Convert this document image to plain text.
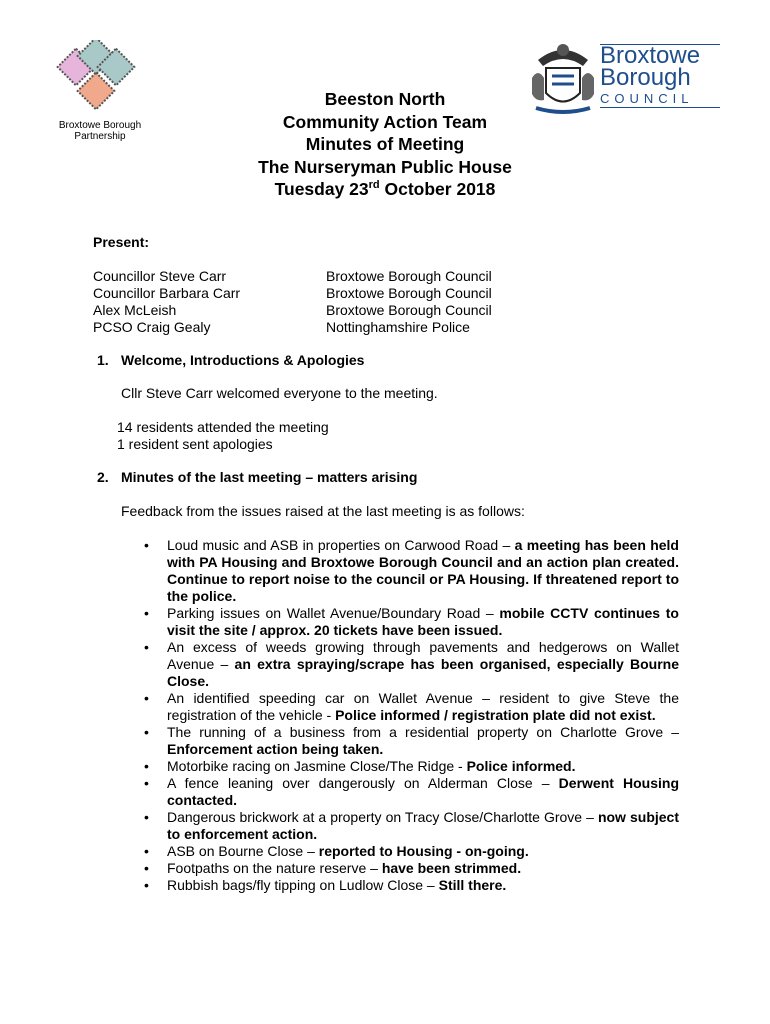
Broxtowe Borough
Partnership
Broxtowe
Borough
COUNCIL
Beeston North
Community Action Team
Minutes of Meeting
The Nurseryman Public House
Tuesday 23rd October 2018
Present:
Councillor Steve Carr	Broxtowe Borough Council
Councillor Barbara Carr	Broxtowe Borough Council
Alex McLeish	Broxtowe Borough Council
PCSO Craig Gealy	Nottinghamshire Police
1. Welcome, Introductions & Apologies
Cllr Steve Carr welcomed everyone to the meeting.
14 residents attended the meeting
1 resident sent apologies
2. Minutes of the last meeting – matters arising
Feedback from the issues raised at the last meeting is as follows:
• Loud music and ASB in properties on Carwood Road – a meeting has been held with PA Housing and Broxtowe Borough Council and an action plan created. Continue to report noise to the council or PA Housing. If threatened report to the police.
• Parking issues on Wallet Avenue/Boundary Road – mobile CCTV continues to visit the site / approx. 20 tickets have been issued.
• An excess of weeds growing through pavements and hedgerows on Wallet Avenue – an extra spraying/scrape has been organised, especially Bourne Close.
• An identified speeding car on Wallet Avenue – resident to give Steve the registration of the vehicle - Police informed / registration plate did not exist.
• The running of a business from a residential property on Charlotte Grove – Enforcement action being taken.
• Motorbike racing on Jasmine Close/The Ridge - Police informed.
• A fence leaning over dangerously on Alderman Close – Derwent Housing contacted.
• Dangerous brickwork at a property on Tracy Close/Charlotte Grove – now subject to enforcement action.
• ASB on Bourne Close – reported to Housing - on-going.
• Footpaths on the nature reserve – have been strimmed.
• Rubbish bags/fly tipping on Ludlow Close – Still there.
